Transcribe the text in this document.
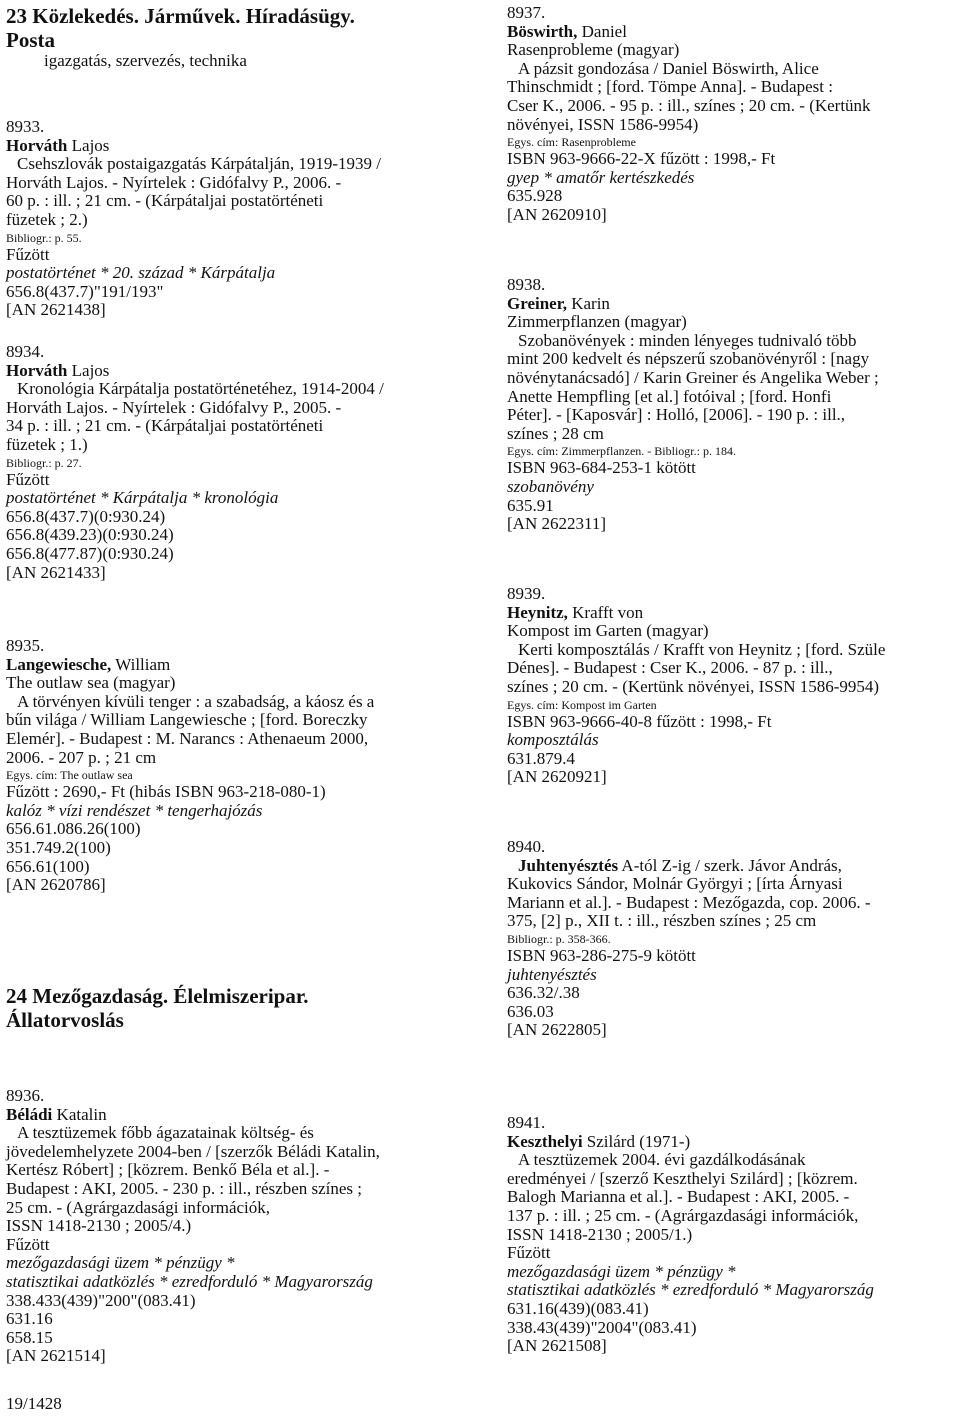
23 Közlekedés. Járművek. Híradásügy.
Posta
igazgatás, szervezés, technika
8933.
Horváth Lajos
Csehszlovák postaigazgatás Kárpátalján, 1919-1939 /
Horváth Lajos. - Nyírtelek : Gidófalvy P., 2006. -
60 p. : ill. ; 21 cm. - (Kárpátaljai postatörténeti
füzetek ; 2.)
Bibliogr.: p. 55.
Fűzött
postatörténet * 20. század * Kárpátalja
656.8(437.7)"191/193"
[AN 2621438]
8934.
Horváth Lajos
Kronológia Kárpátalja postatörténetéhez, 1914-2004 /
Horváth Lajos. - Nyírtelek : Gidófalvy P., 2005. -
34 p. : ill. ; 21 cm. - (Kárpátaljai postatörténeti
füzetek ; 1.)
Bibliogr.: p. 27.
Fűzött
postatörténet * Kárpátalja * kronológia
656.8(437.7)(0:930.24)
656.8(439.23)(0:930.24)
656.8(477.87)(0:930.24)
[AN 2621433]
8935.
Langewiesche, William
The outlaw sea (magyar)
A törvényen kívüli tenger : a szabadság, a káosz és a
bűn világa / William Langewiesche ; [ford. Boreczky
Elemér]. - Budapest : M. Narancs : Athenaeum 2000,
2006. - 207 p. ; 21 cm
Egys. cím: The outlaw sea
Fűzött : 2690,- Ft (hibás ISBN 963-218-080-1)
kalóz * vízi rendészet * tengerhajózás
656.61.086.26(100)
351.749.2(100)
656.61(100)
[AN 2620786]
24 Mezőgazdaság. Élelmiszeripar.
Állatorvoslás
8936.
Béládi Katalin
A tesztüzemek főbb ágazatainak költség- és
jövedelemhelyzete 2004-ben / [szerzők Béládi Katalin,
Kertész Róbert] ; [közrem. Benkő Béla et al.]. -
Budapest : AKI, 2005. - 230 p. : ill., részben színes ;
25 cm. - (Agrárgazdasági információk,
ISSN 1418-2130 ; 2005/4.)
Fűzött
mezőgazdasági üzem * pénzügy *
statisztikai adatközlés * ezredforduló * Magyarország
338.433(439)"200"(083.41)
631.16
658.15
[AN 2621514]
8937.
Böswirth, Daniel
Rasenprobleme (magyar)
A pázsit gondozása / Daniel Böswirth, Alice
Thinschmidt ; [ford. Tömpe Anna]. - Budapest :
Cser K., 2006. - 95 p. : ill., színes ; 20 cm. - (Kertünk
növényei, ISSN 1586-9954)
Egys. cím: Rasenprobleme
ISBN 963-9666-22-X fűzött : 1998,- Ft
gyep * amatőr kertészkedés
635.928
[AN 2620910]
8938.
Greiner, Karin
Zimmerpflanzen (magyar)
Szobanövények : minden lényeges tudnivaló több
mint 200 kedvelt és népszerű szobanövényről : [nagy
növénytanácsadó] / Karin Greiner és Angelika Weber ;
Anette Hempfling [et al.] fotóival ; [ford. Honfi
Péter]. - [Kaposvár] : Holló, [2006]. - 190 p. : ill.,
színes ; 28 cm
Egys. cím: Zimmerpflanzen. - Bibliogr.: p. 184.
ISBN 963-684-253-1 kötött
szobanövény
635.91
[AN 2622311]
8939.
Heynitz, Krafft von
Kompost im Garten (magyar)
Kerti komposztálás / Krafft von Heynitz ; [ford. Szüle
Dénes]. - Budapest : Cser K., 2006. - 87 p. : ill.,
színes ; 20 cm. - (Kertünk növényei, ISSN 1586-9954)
Egys. cím: Kompost im Garten
ISBN 963-9666-40-8 fűzött : 1998,- Ft
komposztálás
631.879.4
[AN 2620921]
8940.
Juhtenyésztés A-tól Z-ig / szerk. Jávor András,
Kukovics Sándor, Molnár Györgyi ; [írta Árnyasi
Mariann et al.]. - Budapest : Mezőgazda, cop. 2006. -
375, [2] p., XII t. : ill., részben színes ; 25 cm
Bibliogr.: p. 358-366.
ISBN 963-286-275-9 kötött
juhtenyésztés
636.32/.38
636.03
[AN 2622805]
8941.
Keszthelyi Szilárd (1971-)
A tesztüzemek 2004. évi gazdálkodásának
eredményei / [szerző Keszthelyi Szilárd] ; [közrem.
Balogh Marianna et al.]. - Budapest : AKI, 2005. -
137 p. : ill. ; 25 cm. - (Agrárgazdasági információk,
ISSN 1418-2130 ; 2005/1.)
Fűzött
mezőgazdasági üzem * pénzügy *
statisztikai adatközlés * ezredforduló * Magyarország
631.16(439)(083.41)
338.43(439)"2004"(083.41)
[AN 2621508]
19/1428
